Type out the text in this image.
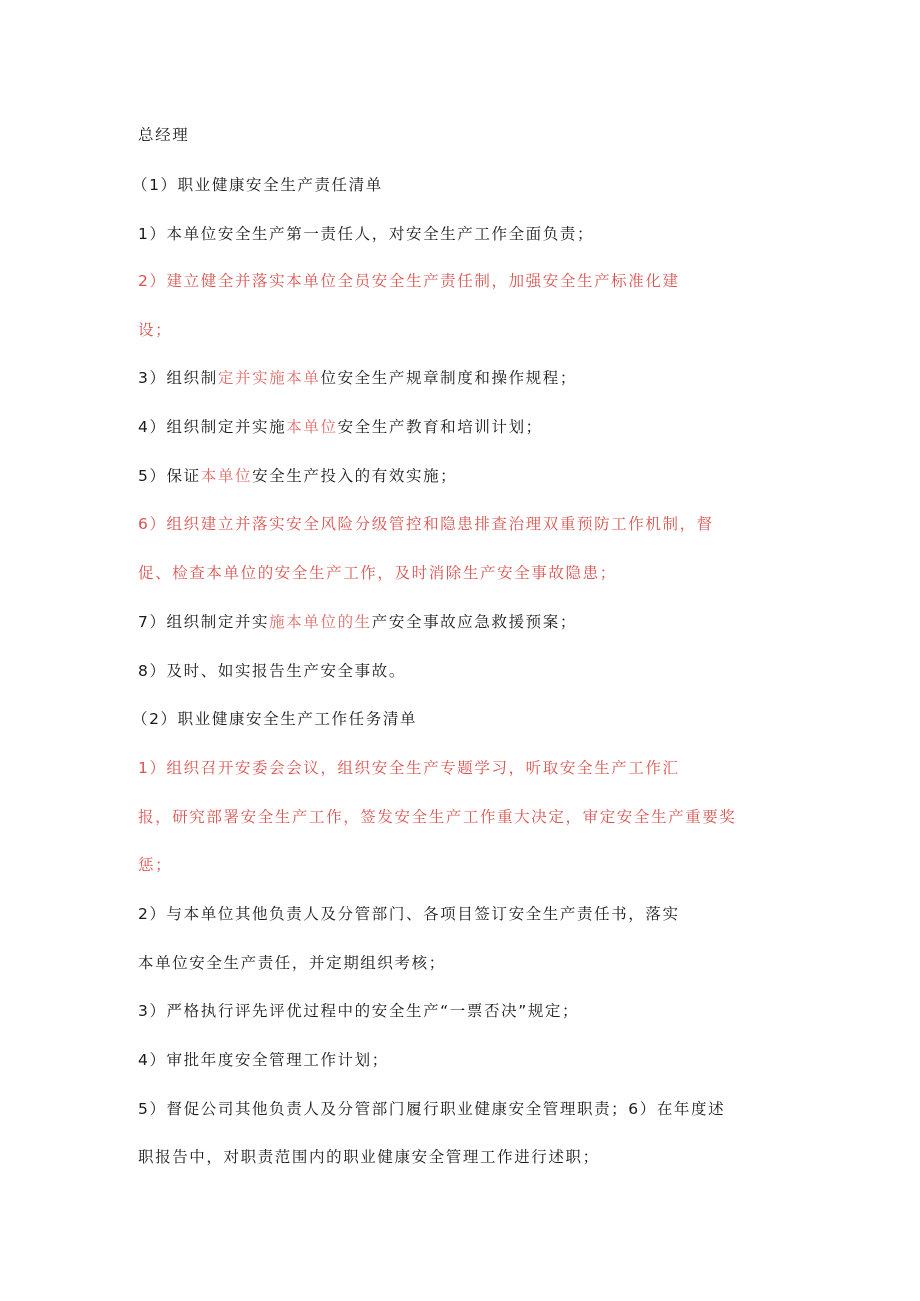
总经理
（1）职业健康安全生产责任清单
1）本单位安全生产第一责任人，对安全生产工作全面负责；
2）建立健全并落实本单位全员安全生产责任制，加强安全生产标准化建
设；
3）组织制定并实施本单位安全生产规章制度和操作规程；
4）组织制定并实施本单位安全生产教育和培训计划；
5）保证本单位安全生产投入的有效实施；
6）组织建立并落实安全风险分级管控和隐患排查治理双重预防工作机制，督
促、检查本单位的安全生产工作，及时消除生产安全事故隐患；
7）组织制定并实施本单位的生产安全事故应急救援预案；
8）及时、如实报告生产安全事故。
（2）职业健康安全生产工作任务清单
1）组织召开安委会会议，组织安全生产专题学习，听取安全生产工作汇
报，研究部署安全生产工作，签发安全生产工作重大决定，审定安全生产重要奖
惩；
2）与本单位其他负责人及分管部门、各项目签订安全生产责任书，落实
本单位安全生产责任，并定期组织考核；
3）严格执行评先评优过程中的安全生产“一票否决”规定；
4）审批年度安全管理工作计划；
5）督促公司其他负责人及分管部门履行职业健康安全管理职责；6）在年度述
职报告中，对职责范围内的职业健康安全管理工作进行述职；
